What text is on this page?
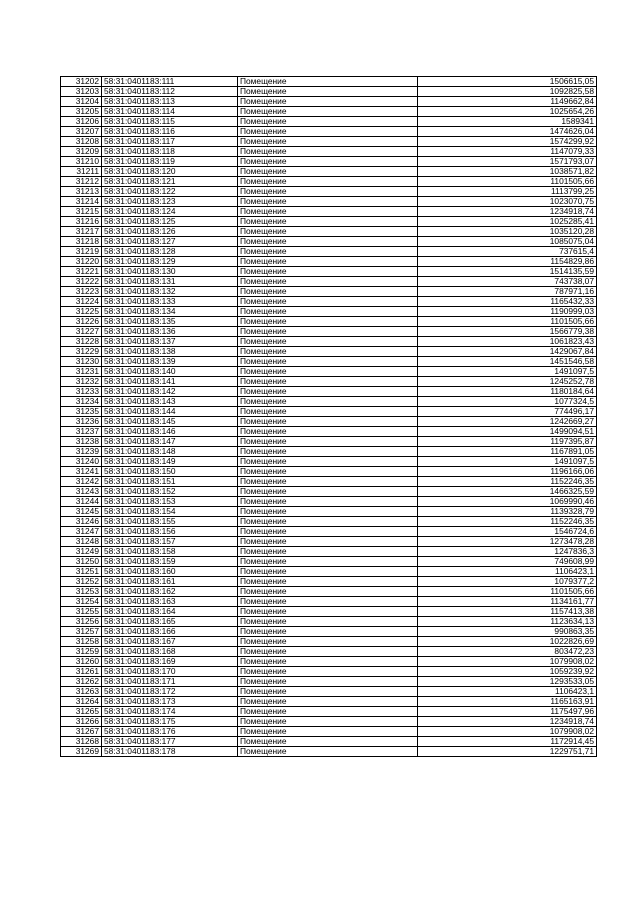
31202	58:31:0401183:111	Помещение	1506615,05
31203	58:31:0401183:112	Помещение	1092825,58
31204	58:31:0401183:113	Помещение	1149662,84
31205	58:31:0401183:114	Помещение	1025654,26
31206	58:31:0401183:115	Помещение	1589341
31207	58:31:0401183:116	Помещение	1474626,04
31208	58:31:0401183:117	Помещение	1574299,92
31209	58:31:0401183:118	Помещение	1147079,33
31210	58:31:0401183:119	Помещение	1571793,07
31211	58:31:0401183:120	Помещение	1038571,82
31212	58:31:0401183:121	Помещение	1101505,66
31213	58:31:0401183:122	Помещение	1113799,25
31214	58:31:0401183:123	Помещение	1023070,75
31215	58:31:0401183:124	Помещение	1234918,74
31216	58:31:0401183:125	Помещение	1025285,41
31217	58:31:0401183:126	Помещение	1035120,28
31218	58:31:0401183:127	Помещение	1085075,04
31219	58:31:0401183:128	Помещение	737615,4
31220	58:31:0401183:129	Помещение	1154829,86
31221	58:31:0401183:130	Помещение	1514135,59
31222	58:31:0401183:131	Помещение	743738,07
31223	58:31:0401183:132	Помещение	787971,16
31224	58:31:0401183:133	Помещение	1165432,33
31225	58:31:0401183:134	Помещение	1190999,03
31226	58:31:0401183:135	Помещение	1101505,66
31227	58:31:0401183:136	Помещение	1566779,38
31228	58:31:0401183:137	Помещение	1061823,43
31229	58:31:0401183:138	Помещение	1429067,84
31230	58:31:0401183:139	Помещение	1451546,58
31231	58:31:0401183:140	Помещение	1491097,5
31232	58:31:0401183:141	Помещение	1245252,78
31233	58:31:0401183:142	Помещение	1180184,64
31234	58:31:0401183:143	Помещение	1077324,5
31235	58:31:0401183:144	Помещение	774496,17
31236	58:31:0401183:145	Помещение	1242669,27
31237	58:31:0401183:146	Помещение	1499094,51
31238	58:31:0401183:147	Помещение	1197395,87
31239	58:31:0401183:148	Помещение	1167891,05
31240	58:31:0401183:149	Помещение	1491097,5
31241	58:31:0401183:150	Помещение	1196166,06
31242	58:31:0401183:151	Помещение	1152246,35
31243	58:31:0401183:152	Помещение	1466325,59
31244	58:31:0401183:153	Помещение	1069990,46
31245	58:31:0401183:154	Помещение	1139328,79
31246	58:31:0401183:155	Помещение	1152246,35
31247	58:31:0401183:156	Помещение	1546724,6
31248	58:31:0401183:157	Помещение	1273478,28
31249	58:31:0401183:158	Помещение	1247836,3
31250	58:31:0401183:159	Помещение	749608,99
31251	58:31:0401183:160	Помещение	1106423,1
31252	58:31:0401183:161	Помещение	1079377,2
31253	58:31:0401183:162	Помещение	1101505,66
31254	58:31:0401183:163	Помещение	1134161,77
31255	58:31:0401183:164	Помещение	1157413,38
31256	58:31:0401183:165	Помещение	1123634,13
31257	58:31:0401183:166	Помещение	990863,35
31258	58:31:0401183:167	Помещение	1022826,69
31259	58:31:0401183:168	Помещение	803472,23
31260	58:31:0401183:169	Помещение	1079908,02
31261	58:31:0401183:170	Помещение	1059239,92
31262	58:31:0401183:171	Помещение	1293533,05
31263	58:31:0401183:172	Помещение	1106423,1
31264	58:31:0401183:173	Помещение	1165163,91
31265	58:31:0401183:174	Помещение	1175497,96
31266	58:31:0401183:175	Помещение	1234918,74
31267	58:31:0401183:176	Помещение	1079908,02
31268	58:31:0401183:177	Помещение	1172914,45
31269	58:31:0401183:178	Помещение	1229751,71
